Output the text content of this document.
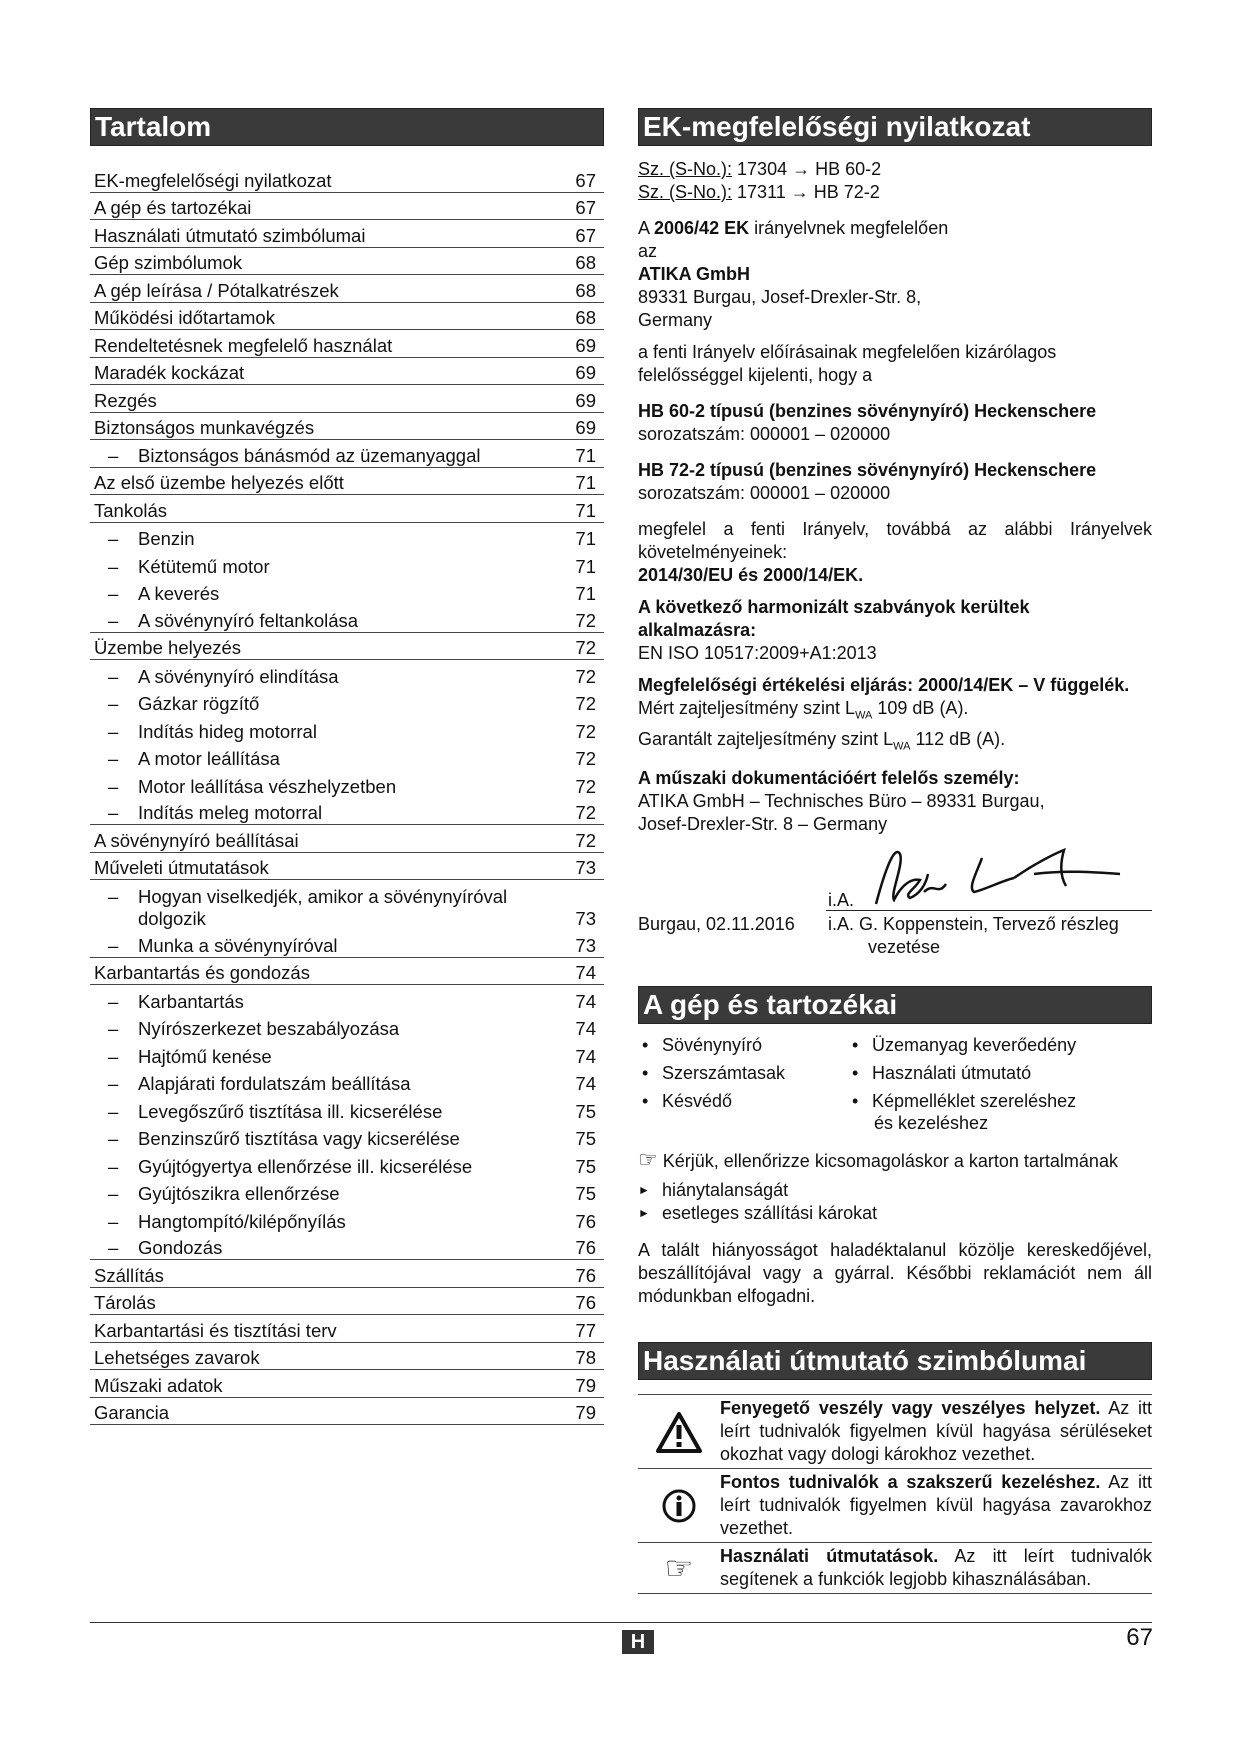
Tartalom
EK-megfelelőségi nyilatkozat	67
A gép és tartozékai	67
Használati útmutató szimbólumai	67
Gép szimbólumok	68
A gép leírása / Pótalkatrészek	68
Működési időtartamok	68
Rendeltetésnek megfelelő használat	69
Maradék kockázat	69
Rezgés	69
Biztonságos munkavégzés	69
– Biztonságos bánásmód az üzemanyaggal	71
Az első üzembe helyezés előtt	71
Tankolás	71
– Benzin	71
– Kétütemű motor	71
– A keverés	71
– A sövénynyíró feltankolása	72
Üzembe helyezés	72
– A sövénynyíró elindítása	72
– Gázkar rögzítő	72
– Indítás hideg motorral	72
– A motor leállítása	72
– Motor leállítása vészhelyzetben	72
– Indítás meleg motorral	72
A sövénynyíró beállításai	72
Műveleti útmutatások	73
–	Hogyan viselkedjék, amikor a sövénynyíróval
dolgozik	73
– Munka a sövénynyíróval	73
Karbantartás és gondozás	74
– Karbantartás	74
– Nyírószerkezet beszabályozása	74
– Hajtómű kenése	74
– Alapjárati fordulatszám beállítása	74
– Levegőszűrő tisztítása ill. kicserélése	75
– Benzinszűrő tisztítása vagy kicserélése	75
– Gyújtógyertya ellenőrzése ill. kicserélése	75
– Gyújtószikra ellenőrzése	75
– Hangtompító/kilépőnyílás	76
– Gondozás	76
Szállítás	76
Tárolás	76
Karbantartási és tisztítási terv	77
Lehetséges zavarok	78
Műszaki adatok	79
Garancia	79
EK-megfelelőségi nyilatkozat

Sz. (S-No.): 17304 → HB 60-2

Sz. (S-No.): 17311 → HB 72-2

A 2006/42 EK irányelvnek megfelelően

az

ATIKA GmbH

89331 Burgau, Josef-Drexler-Str. 8,

Germany

a fenti Irányelv előírásainak megfelelően kizárólagos felelősséggel kijelenti, hogy a

HB 60-2 típusú (benzines sövénynyíró) Heckenschere

sorozatszám: 000001 – 020000

HB 72-2 típusú (benzines sövénynyíró) Heckenschere

sorozatszám: 000001 – 020000

megfelel a fenti Irányelv, továbbá az alábbi Irányelvek követelményeinek:

2014/30/EU és 2000/14/EK.

A következő harmonizált szabványok kerültek alkalmazásra:

EN ISO 10517:2009+A1:2013

Megfelelőségi értékelési eljárás: 2000/14/EK – V függelék.

Mért zajteljesítmény szint $L_{WA}$ 109 dB (A).

Garantált zajteljesítmény szint $L_{WA}$ 112 dB (A).

A műszaki dokumentációért felelős személy:

ATIKA GmbH – Technisches Büro – 89331 Burgau,

Josef-Drexler-Str. 8 – Germany

i.A.
Burgau, 02.11.2016 i.A. G. Koppenstein, Tervező részleg
vezetése
A gép és tartozékai
• Sövénynyíró	• Üzemanyag keverőedény
• Szerszámtasak	• Használati útmutató
• Késvédő	• Képmelléklet szereléshez
és kezeléshez

☞ Kérjük, ellenőrizze kicsomagoláskor a karton tartalmának

► hiánytalanságát
► esetleges szállítási károkat

A talált hiányosságot haladéktalanul közölje kereskedőjével, beszállítójával vagy a gyárral. Későbbi reklamációt nem áll módunkban elfogadni.

Használati útmutató szimbólumai
Fenyegető veszély vagy veszélyes helyzet. Az itt leírt tudnivalók figyelmen kívül hagyása sérüléseket okozhat vagy dologi károkhoz vezethet.
Fontos tudnivalók a szakszerű kezeléshez. Az itt leírt tudnivalók figyelmen kívül hagyása zavarokhoz vezethet.
☞	Használati útmutatások. Az itt leírt tudnivalók segítenek a funkciók legjobb kihasználásában.
H	67
